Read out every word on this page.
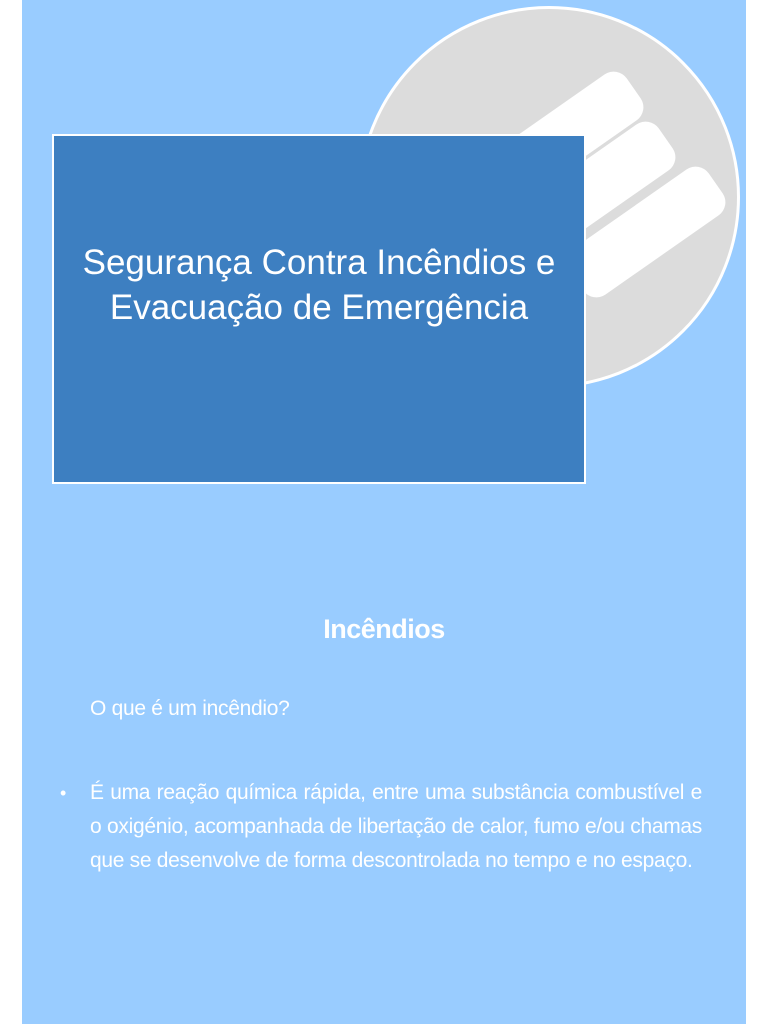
Segurança Contra Incêndios e Evacuação de Emergência
Incêndios
O que é um incêndio?
•	É uma reação química rápida, entre uma substância combustível e o oxigénio, acompanhada de libertação de calor, fumo e/ou chamas que se desenvolve de forma descontrolada no tempo e no espaço.
